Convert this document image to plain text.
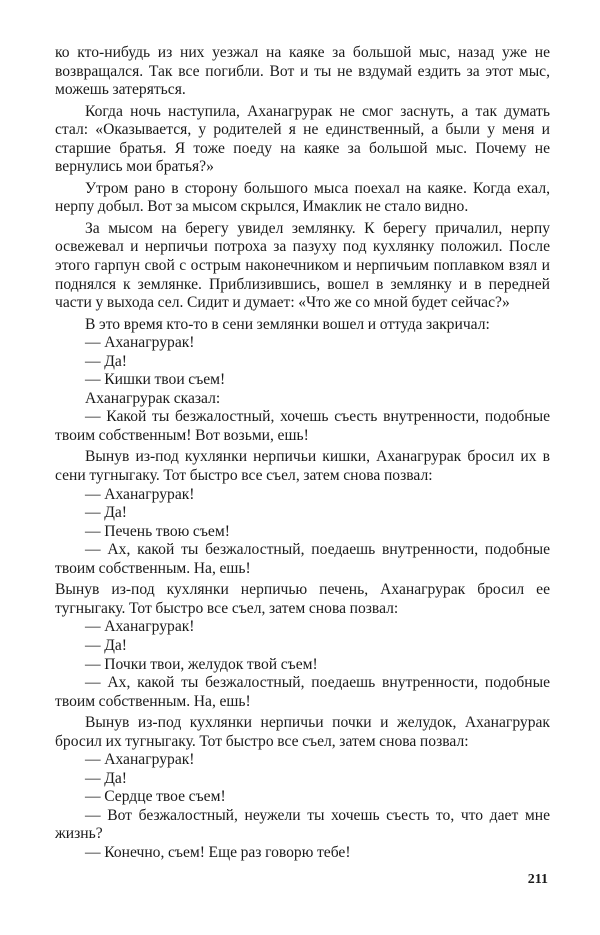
ко кто-нибудь из них уезжал на каяке за большой мыс, назад уже не возвращался. Так все погибли. Вот и ты не вздумай ездить за этот мыс, можешь затеряться.

Когда ночь наступила, Аханагрурак не смог заснуть, а так думать стал: «Оказывается, у родителей я не единственный, а были у меня и старшие братья. Я тоже поеду на каяке за большой мыс. Почему не вернулись мои братья?»

Утром рано в сторону большого мыса поехал на каяке. Когда ехал, нерпу добыл. Вот за мысом скрылся, Имаклик не стало видно.

За мысом на берегу увидел землянку. К берегу причалил, нерпу освежевал и нерпичьи потроха за пазуху под кухлянку положил. После этого гарпун свой с острым наконечником и нерпичьим поплавком взял и поднялся к землянке. Приблизившись, вошел в землянку и в передней части у выхода сел. Сидит и думает: «Что же со мной будет сейчас?»

В это время кто-то в сени землянки вошел и оттуда закричал:

— Аханагрурак!

— Да!

— Кишки твои съем!

Аханагрурак сказал:

— Какой ты безжалостный, хочешь съесть внутренности, подобные твоим собственным! Вот возьми, ешь!

Вынув из-под кухлянки нерпичьи кишки, Аханагрурак бросил их в сени тугныгаку. Тот быстро все съел, затем снова позвал:

— Аханагрурак!

— Да!

— Печень твою съем!

— Ах, какой ты безжалостный, поедаешь внутренности, подобные твоим собственным. На, ешь!

Вынув из-под кухлянки нерпичью печень, Аханагрурак бросил ее тугныгаку. Тот быстро все съел, затем снова позвал:

— Аханагрурак!

— Да!

— Почки твои, желудок твой съем!

— Ах, какой ты безжалостный, поедаешь внутренности, подобные твоим собственным. На, ешь!

Вынув из-под кухлянки нерпичьи почки и желудок, Аханагрурак бросил их тугныгаку. Тот быстро все съел, затем снова позвал:

— Аханагрурак!

— Да!

— Сердце твое съем!

— Вот безжалостный, неужели ты хочешь съесть то, что дает мне жизнь?

— Конечно, съем! Еще раз говорю тебе!

211
